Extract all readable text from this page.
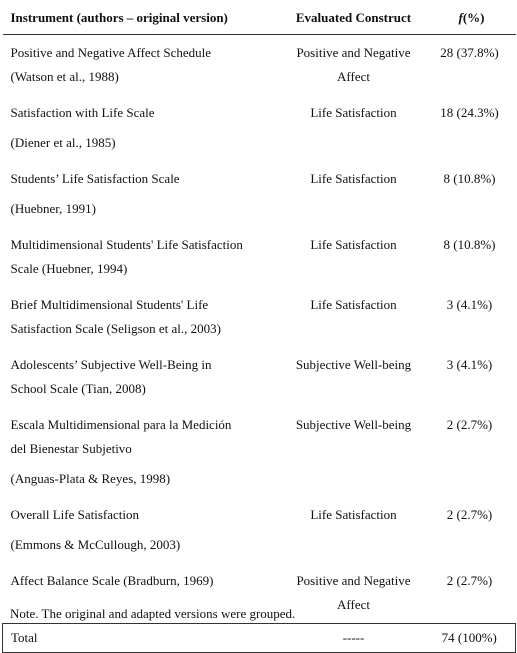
Instrument (authors – original version)	Evaluated Construct	f(%)

Positive and Negative Affect Schedule
(Watson et al., 1988)	Positive and Negative
Affect	28 (37.8%)

Satisfaction with Life Scale
(Diener et al., 1985)	Life Satisfaction	18 (24.3%)

Students’ Life Satisfaction Scale
(Huebner, 1991)	Life Satisfaction	8 (10.8%)

Multidimensional Students' Life Satisfaction
Scale (Huebner, 1994)	Life Satisfaction	8 (10.8%)

Brief Multidimensional Students' Life
Satisfaction Scale (Seligson et al., 2003)	Life Satisfaction	3 (4.1%)

Adolescents’ Subjective Well-Being in
School Scale (Tian, 2008)	Subjective Well-being	3 (4.1%)

Escala Multidimensional para la Medición
del Bienestar Subjetivo
(Anguas-Plata & Reyes, 1998)	Subjective Well-being	2 (2.7%)

Overall Life Satisfaction
(Emmons & McCullough, 2003)	Life Satisfaction	2 (2.7%)

Affect Balance Scale (Bradburn, 1969)	Positive and Negative
Affect	2 (2.7%)
Total	-----	74 (100%)
Note. The original and adapted versions were grouped.
